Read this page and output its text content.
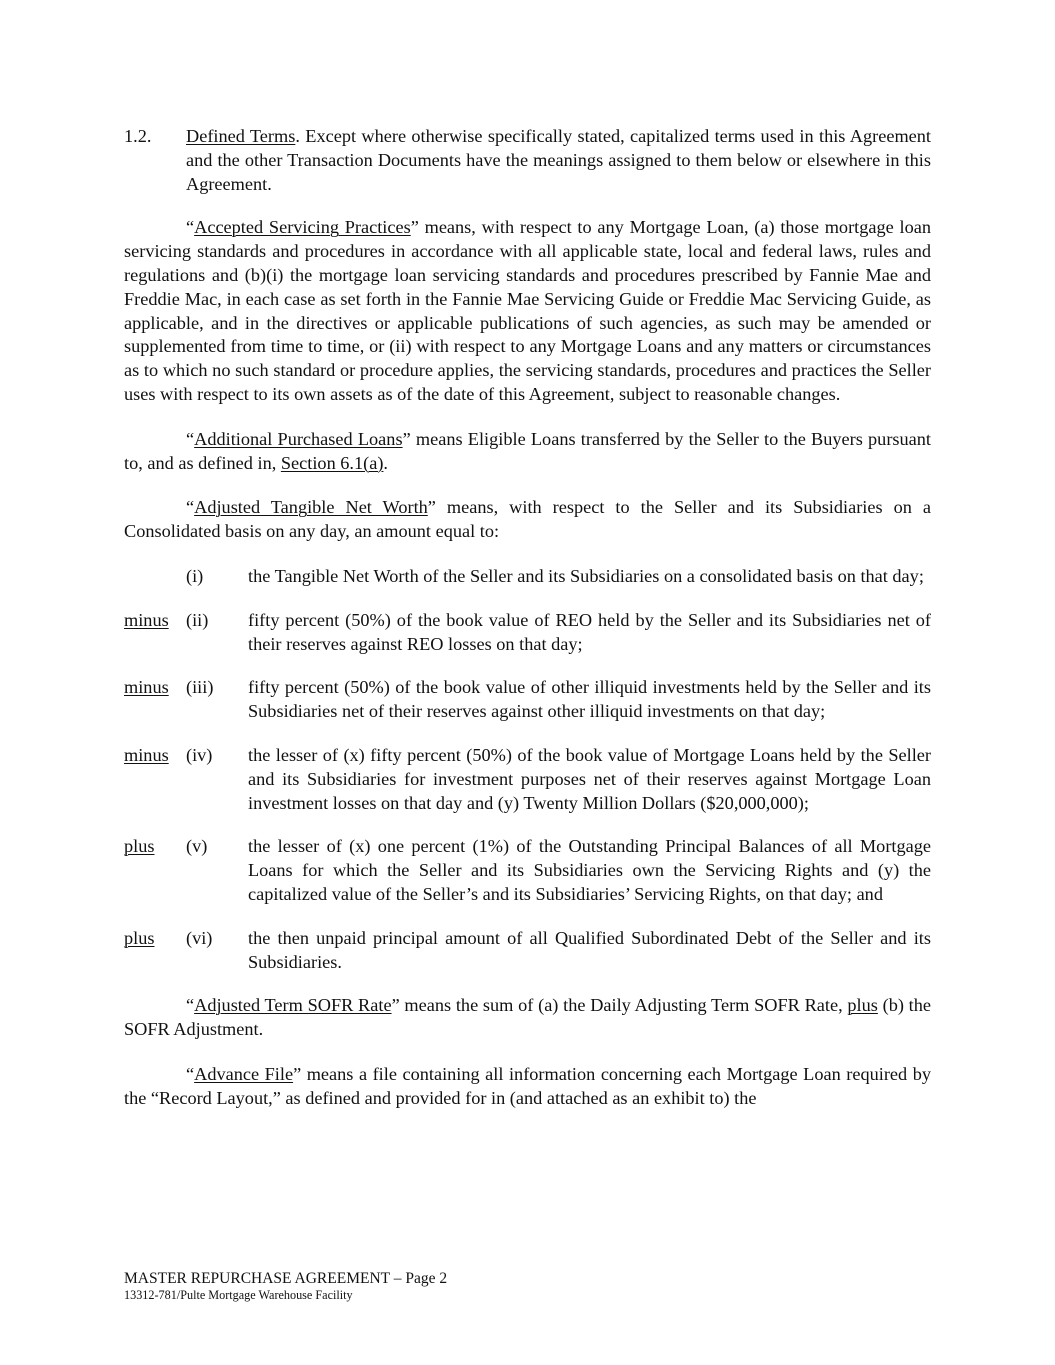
1.2. Defined Terms. Except where otherwise specifically stated, capitalized terms used in this Agreement and the other Transaction Documents have the meanings assigned to them below or elsewhere in this Agreement.

“Accepted Servicing Practices” means, with respect to any Mortgage Loan, (a) those mortgage loan servicing standards and procedures in accordance with all applicable state, local and federal laws, rules and regulations and (b)(i) the mortgage loan servicing standards and procedures prescribed by Fannie Mae and Freddie Mac, in each case as set forth in the Fannie Mae Servicing Guide or Freddie Mac Servicing Guide, as applicable, and in the directives or applicable publications of such agencies, as such may be amended or supplemented from time to time, or (ii) with respect to any Mortgage Loans and any matters or circumstances as to which no such standard or procedure applies, the servicing standards, procedures and practices the Seller uses with respect to its own assets as of the date of this Agreement, subject to reasonable changes.

“Additional Purchased Loans” means Eligible Loans transferred by the Seller to the Buyers pursuant to, and as defined in, Section 6.1(a).

“Adjusted Tangible Net Worth” means, with respect to the Seller and its Subsidiaries on a Consolidated basis on any day, an amount equal to:

(i)	the Tangible Net Worth of the Seller and its Subsidiaries on a consolidated basis on that day;
minus (ii)	fifty percent (50%) of the book value of REO held by the Seller and its Subsidiaries net of their reserves against REO losses on that day;
minus (iii)	fifty percent (50%) of the book value of other illiquid investments held by the Seller and its Subsidiaries net of their reserves against other illiquid investments on that day;
minus (iv)	the lesser of (x) fifty percent (50%) of the book value of Mortgage Loans held by the Seller and its Subsidiaries for investment purposes net of their reserves against Mortgage Loan investment losses on that day and (y) Twenty Million Dollars ($20,000,000);
plus	(v)	the lesser of (x) one percent (1%) of the Outstanding Principal Balances of all Mortgage Loans for which the Seller and its Subsidiaries own the Servicing Rights and (y) the capitalized value of the Seller’s and its Subsidiaries’ Servicing Rights, on that day; and
plus	(vi)	the then unpaid principal amount of all Qualified Subordinated Debt of the Seller and its Subsidiaries.

“Adjusted Term SOFR Rate” means the sum of (a) the Daily Adjusting Term SOFR Rate, plus (b) the SOFR Adjustment.

“Advance File” means a file containing all information concerning each Mortgage Loan required by the “Record Layout,” as defined and provided for in (and attached as an exhibit to) the

MASTER REPURCHASE AGREEMENT – Page 2
13312-781/Pulte Mortgage Warehouse Facility
